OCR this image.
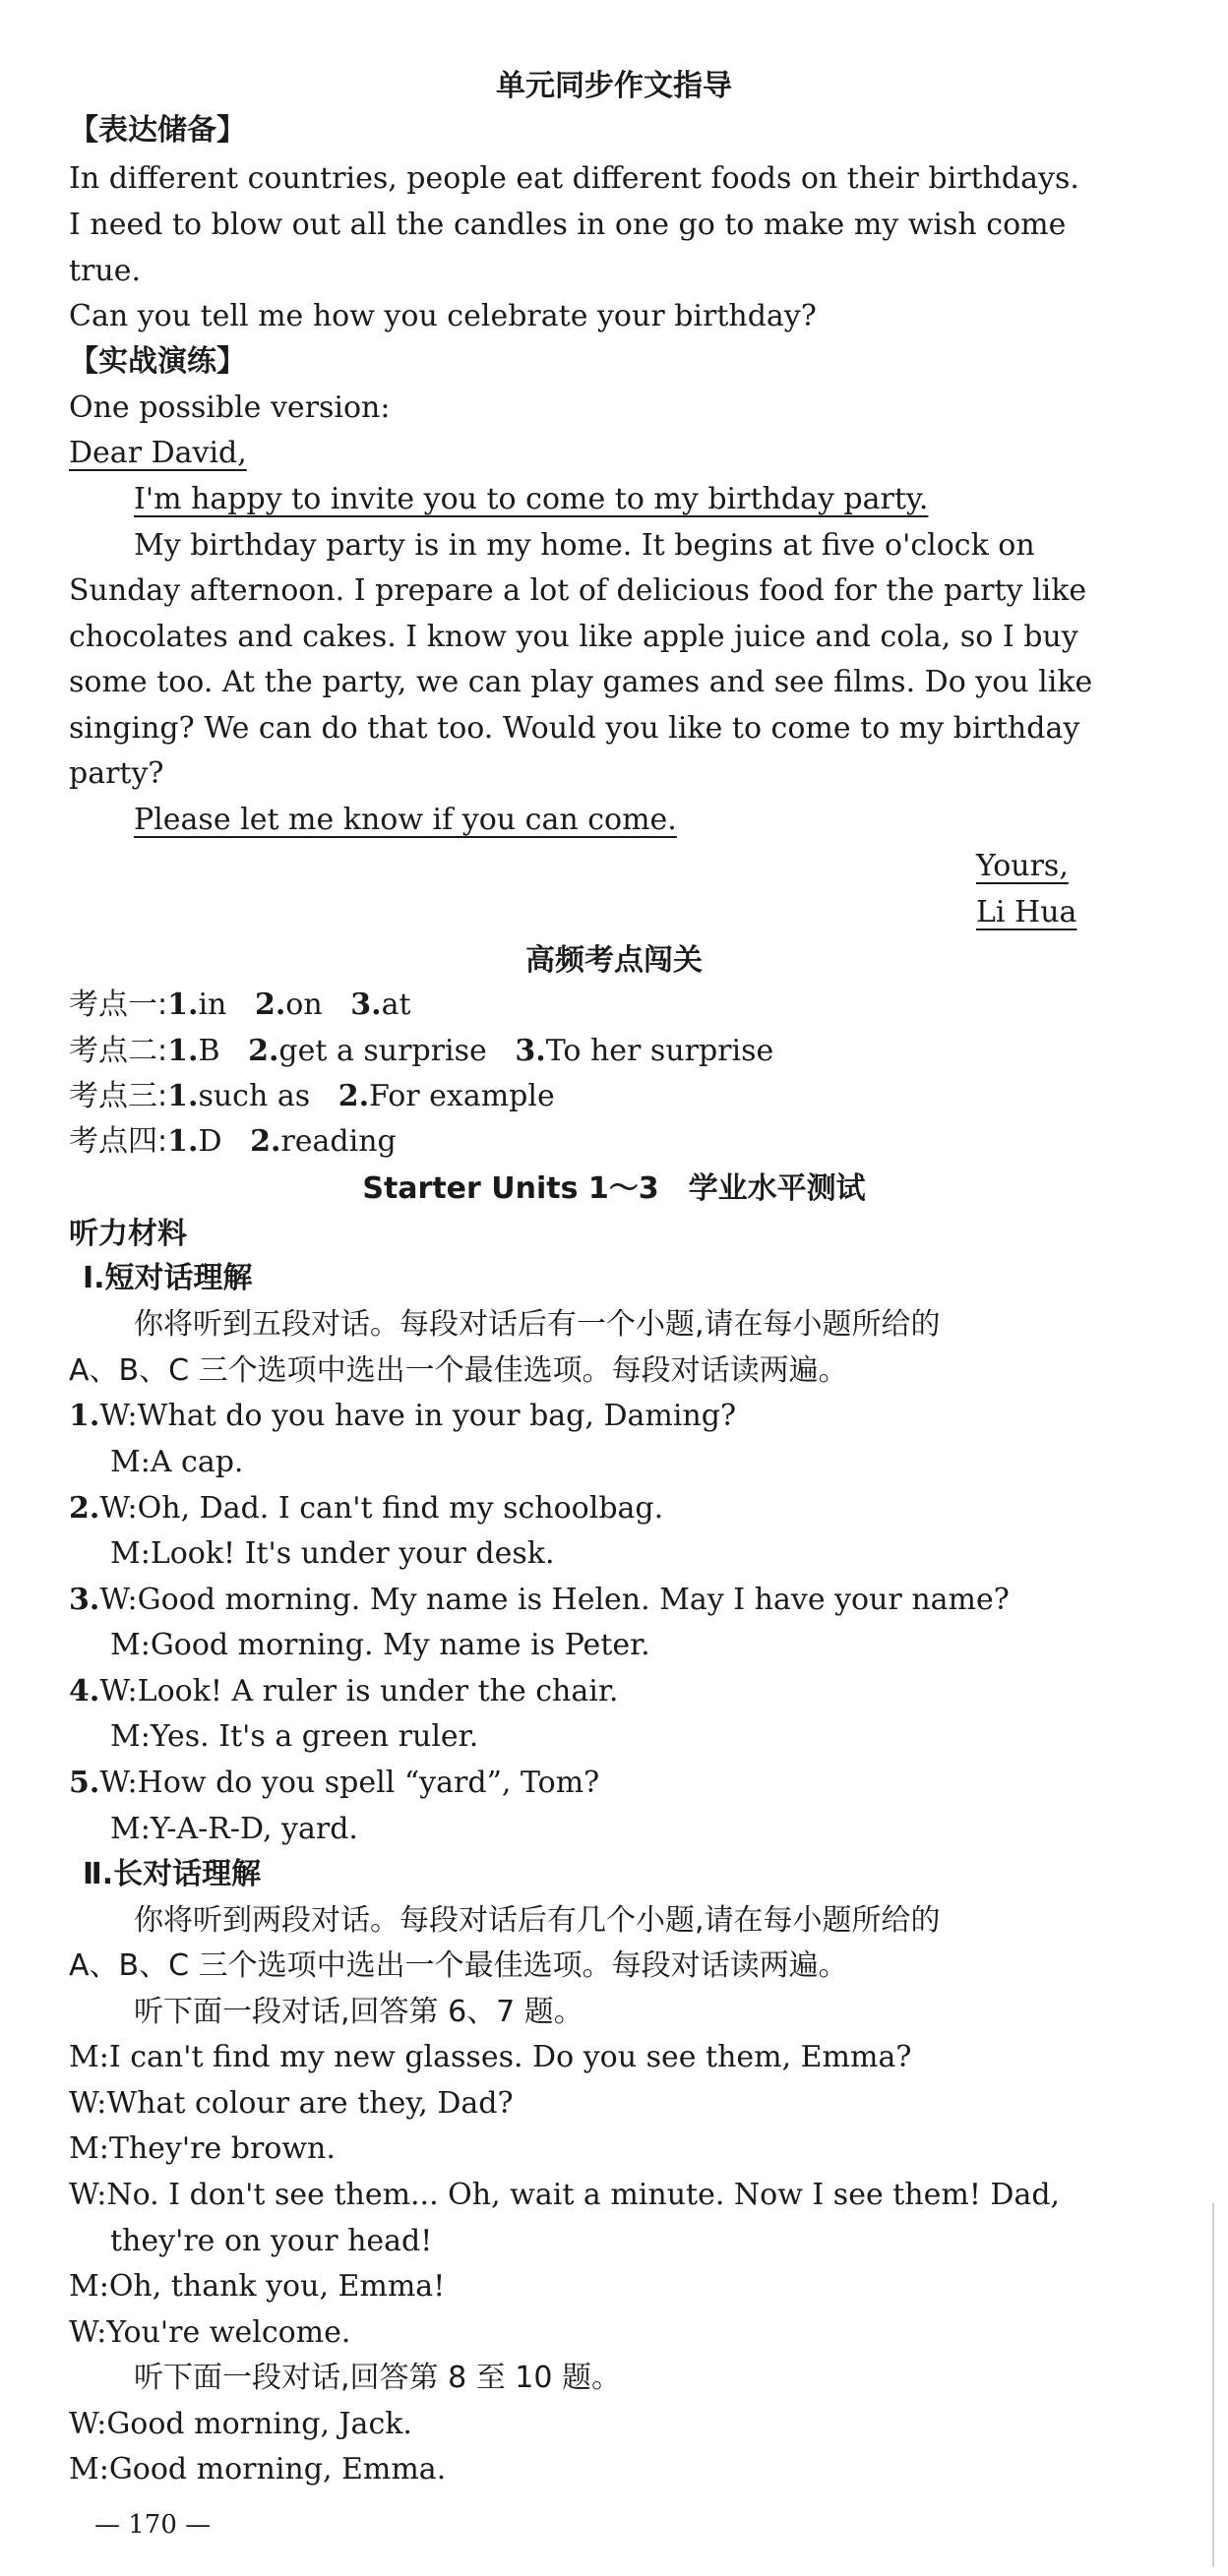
单元同步作文指导
【表达储备】
In different countries, people eat different foods on their birthdays.
I need to blow out all the candles in one go to make my wish come
true.
Can you tell me how you celebrate your birthday?
【实战演练】
One possible version:
Dear David,
I'm happy to invite you to come to my birthday party.
My birthday party is in my home. It begins at five o'clock on
Sunday afternoon. I prepare a lot of delicious food for the party like
chocolates and cakes. I know you like apple juice and cola, so I buy
some too. At the party, we can play games and see films. Do you like
singing? We can do that too. Would you like to come to my birthday
party?
Please let me know if you can come.
Yours,
Li Hua
高频考点闯关
考点一:1.in 2.on 3.at
考点二:1.B 2.get a surprise 3.To her surprise
考点三:1.such as 2.For example
考点四:1.D 2.reading
Starter Units 1～3　学业水平测试
听力材料
Ⅰ.短对话理解
你将听到五段对话。每段对话后有一个小题,请在每小题所给的
A、B、C 三个选项中选出一个最佳选项。每段对话读两遍。
1.W:What do you have in your bag, Daming?
M:A cap.
2.W:Oh, Dad. I can't find my schoolbag.
M:Look! It's under your desk.
3.W:Good morning. My name is Helen. May I have your name?
M:Good morning. My name is Peter.
4.W:Look! A ruler is under the chair.
M:Yes. It's a green ruler.
5.W:How do you spell “yard”, Tom?
M:Y-A-R-D, yard.
Ⅱ.长对话理解
你将听到两段对话。每段对话后有几个小题,请在每小题所给的
A、B、C 三个选项中选出一个最佳选项。每段对话读两遍。
听下面一段对话,回答第 6、7 题。
M:I can't find my new glasses. Do you see them, Emma?
W:What colour are they, Dad?
M:They're brown.
W:No. I don't see them... Oh, wait a minute. Now I see them! Dad,
they're on your head!
M:Oh, thank you, Emma!
W:You're welcome.
听下面一段对话,回答第 8 至 10 题。
W:Good morning, Jack.
M:Good morning, Emma.
— 170 —
